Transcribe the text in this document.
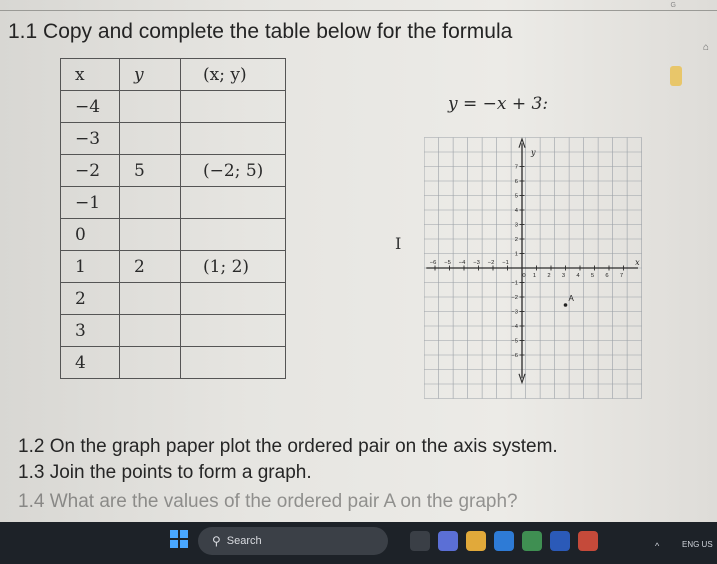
G
⌂
1.1 Copy and complete the table below for the formula
y = −x + 3:
x	y	(x; y)
−4		
−3		
−2	5	(−2; 5)
−1		
0		
1	2	(1; 2)
2		
3		
4		
I
y
x
−6 −5 −4 −3 −2 −1
0 1 2 3 4 5 6 7
7
6
5
4
3
2
1
−1
−2
−3
−4
−5
−6
A
1.2 On the graph paper plot the ordered pair on the axis system.
1.3 Join the points to form a graph.
1.4 What are the values of the ordered pair A on the graph?
⚲ Search	^	ENG US
